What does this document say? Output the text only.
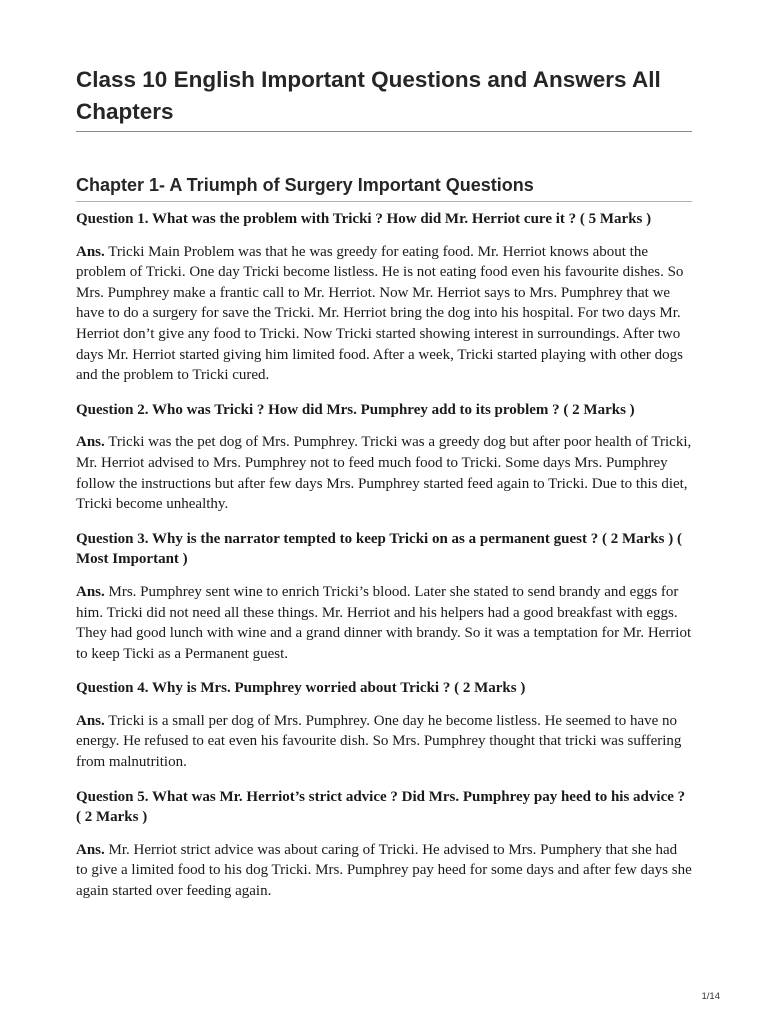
Class 10 English Important Questions and Answers All Chapters
Chapter 1- A Triumph of Surgery Important Questions

Question 1. What was the problem with Tricki ? How did Mr. Herriot cure it ? ( 5 Marks )

Ans. Tricki Main Problem was that he was greedy for eating food. Mr. Herriot knows about the problem of Tricki. One day Tricki become listless. He is not eating food even his favourite dishes. So Mrs. Pumphrey make a frantic call to Mr. Herriot. Now Mr. Herriot says to Mrs. Pumphrey that we have to do a surgery for save the Tricki. Mr. Herriot bring the dog into his hospital. For two days Mr. Herriot don’t give any food to Tricki. Now Tricki started showing interest in surroundings. After two days Mr. Herriot started giving him limited food. After a week, Tricki started playing with other dogs and the problem to Tricki cured.

Question 2. Who was Tricki ? How did Mrs. Pumphrey add to its problem ? ( 2 Marks )

Ans. Tricki was the pet dog of Mrs. Pumphrey. Tricki was a greedy dog but after poor health of Tricki, Mr. Herriot advised to Mrs. Pumphrey not to feed much food to Tricki. Some days Mrs. Pumphrey follow the instructions but after few days Mrs. Pumphrey started feed again to Tricki. Due to this diet, Tricki become unhealthy.

Question 3. Why is the narrator tempted to keep Tricki on as a permanent guest ? ( 2 Marks ) ( Most Important )

Ans. Mrs. Pumphrey sent wine to enrich Tricki’s blood. Later she stated to send brandy and eggs for him. Tricki did not need all these things. Mr. Herriot and his helpers had a good breakfast with eggs. They had good lunch with wine and a grand dinner with brandy. So it was a temptation for Mr. Herriot to keep Ticki as a Permanent guest.

Question 4. Why is Mrs. Pumphrey worried about Tricki ? ( 2 Marks )

Ans. Tricki is a small per dog of Mrs. Pumphrey. One day he become listless. He seemed to have no energy. He refused to eat even his favourite dish. So Mrs. Pumphrey thought that tricki was suffering from malnutrition.

Question 5. What was Mr. Herriot’s strict advice ? Did Mrs. Pumphrey pay heed to his advice ? ( 2 Marks )

Ans. Mr. Herriot strict advice was about caring of Tricki. He advised to Mrs. Pumphery that she had to give a limited food to his dog Tricki. Mrs. Pumphrey pay heed for some days and after few days she again started over feeding again.

1/14
